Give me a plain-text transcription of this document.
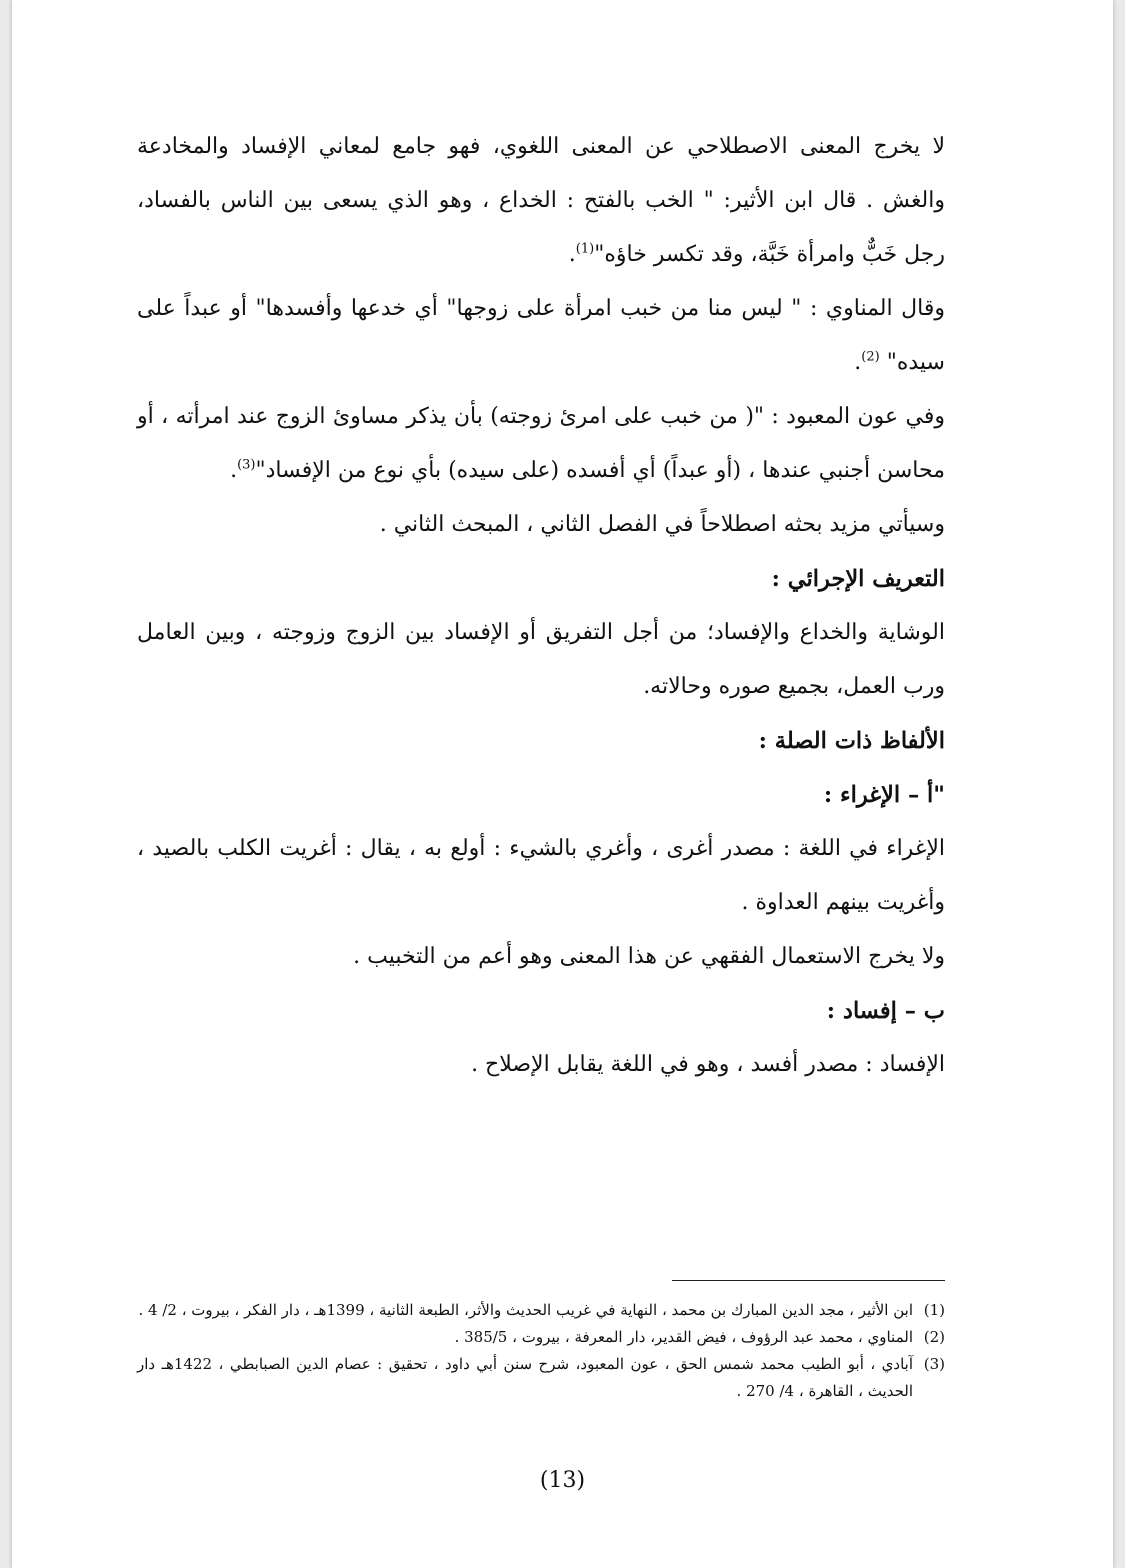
لا يخرج المعنى الاصطلاحي عن المعنى اللغوي، فهو جامع لمعاني الإفساد والمخادعة والغش . قال ابن الأثير: " الخب بالفتح : الخداع ، وهو الذي يسعى بين الناس بالفساد، رجل خَبٌّ وامرأة خَبَّة، وقد تكسر خاؤه"$^{(1)}$.

وقال المناوي : " ليس منا من خبب امرأة على زوجها" أي خدعها وأفسدها" أو عبداً على سيده" $^{(2)}$.

وفي عون المعبود : "( من خبب على امرئ زوجته) بأن يذكر مساوئ الزوج عند امرأته ، أو محاسن أجنبي عندها ، (أو عبداً) أي أفسده (على سيده) بأي نوع من الإفساد"$^{(3)}$.

وسيأتي مزيد بحثه اصطلاحاً في الفصل الثاني ، المبحث الثاني .

التعريف الإجرائي :

الوشاية والخداع والإفساد؛ من أجل التفريق أو الإفساد بين الزوج وزوجته ، وبين العامل ورب العمل، بجميع صوره وحالاته.

الألفاظ ذات الصلة :
"أ – الإغراء :

الإغراء في اللغة : مصدر أغرى ، وأغري بالشيء : أولع به ، يقال : أغريت الكلب بالصيد ، وأغريت بينهم العداوة .

ولا يخرج الاستعمال الفقهي عن هذا المعنى وهو أعم من التخبيب .

ب – إفساد :

الإفساد : مصدر أفسد ، وهو في اللغة يقابل الإصلاح .

(1)
ابن الأثير ، مجد الدين المبارك بن محمد ، النهاية في غريب الحديث والأثر، الطبعة الثانية ، 1399هـ ، دار الفكر ، بيروت ، 2/ 4 .
(2)
المناوي ، محمد عبد الرؤوف ، فيض القدير، دار المعرفة ، بيروت ، 385/5 .
(3)
آبادي ، أبو الطيب محمد شمس الحق ، عون المعبود، شرح سنن أبي داود ، تحقيق : عصام الدين الصبابطي ، 1422هـ دار الحديث ، القاهرة ، 4/ 270 .
(13)
